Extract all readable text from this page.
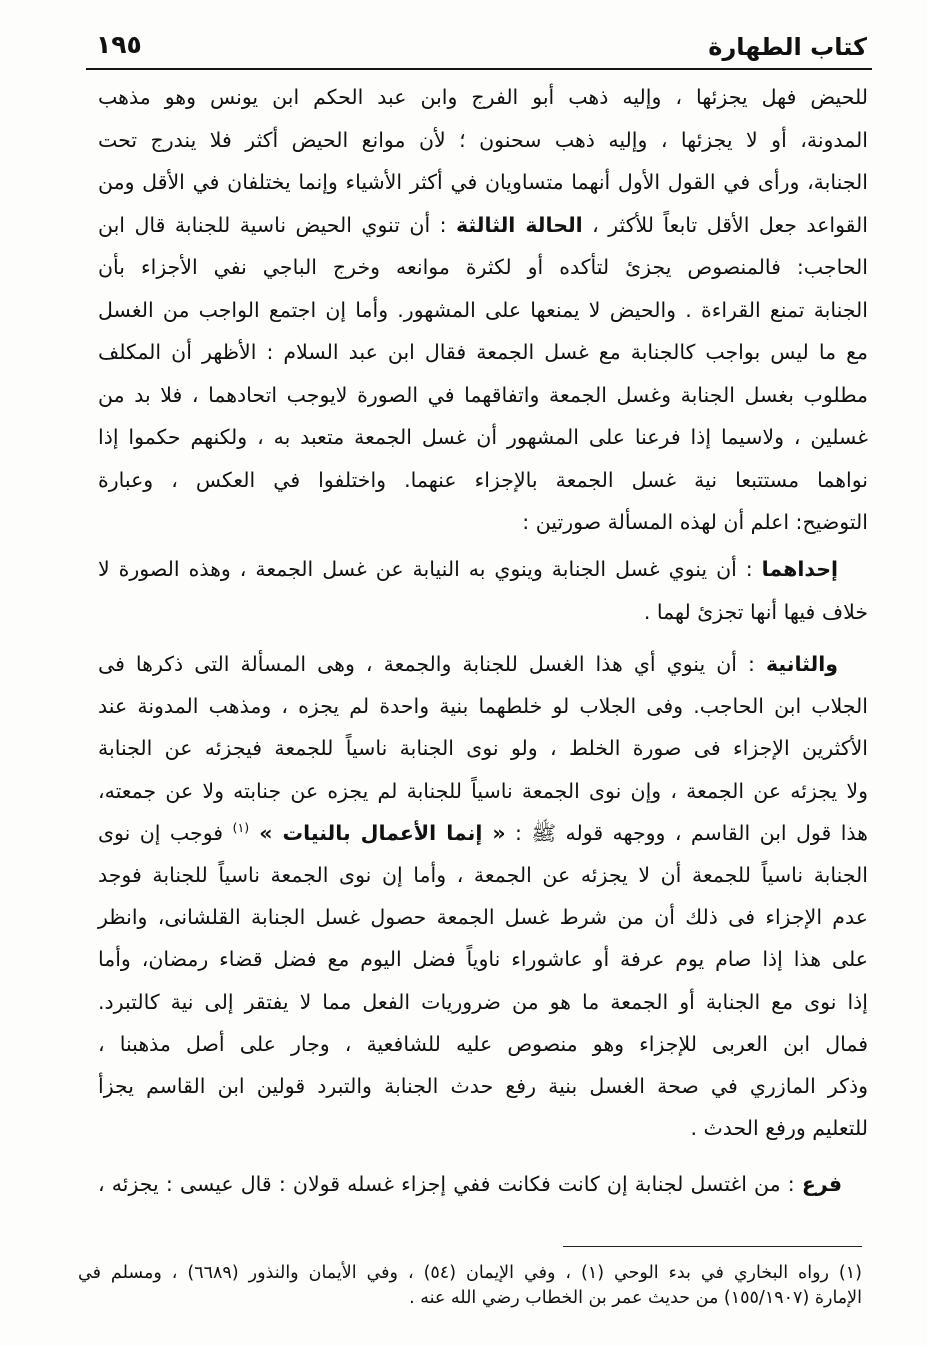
كتاب الطهارة
١٩٥
للحيض فهل يجزئها ، وإليه ذهب أبو الفرج وابن عبد الحكم ابن يونس وهو مذهب
المدونة، أو لا يجزئها ، وإليه ذهب سحنون ؛ لأن موانع الحيض أكثر فلا يندرج تحت
الجنابة، ورأى في القول الأول أنهما متساويان في أكثر الأشياء وإنما يختلفان في الأقل ومن
القواعد جعل الأقل تابعاً للأكثر ، الحالة الثالثة : أن تنوي الحيض ناسية للجنابة قال ابن
الحاجب: فالمنصوص يجزئ لتأكده أو لكثرة موانعه وخرج الباجي نفي الأجزاء بأن
الجنابة تمنع القراءة . والحيض لا يمنعها على المشهور. وأما إن اجتمع الواجب من الغسل
مع ما ليس بواجب كالجنابة مع غسل الجمعة فقال ابن عبد السلام : الأظهر أن المكلف
مطلوب بغسل الجنابة وغسل الجمعة واتفاقهما في الصورة لايوجب اتحادهما ، فلا بد من
غسلين ، ولاسيما إذا فرعنا على المشهور أن غسل الجمعة متعبد به ، ولكنهم حكموا إذا
نواهما مستتبعا نية غسل الجمعة بالإجزاء عنهما. واختلفوا في العكس ، وعبارة
التوضيح: اعلم أن لهذه المسألة صورتين :
إحداهما : أن ينوي غسل الجنابة وينوي به النيابة عن غسل الجمعة ، وهذه الصورة لا
خلاف فيها أنها تجزئ لهما .
والثانية : أن ينوي أي هذا الغسل للجنابة والجمعة ، وهى المسألة التى ذكرها فى
الجلاب ابن الحاجب. وفى الجلاب لو خلطهما بنية واحدة لم يجزه ، ومذهب المدونة عند
الأكثرين الإجزاء فى صورة الخلط ، ولو نوى الجنابة ناسياً للجمعة فيجزئه عن الجنابة
ولا يجزئه عن الجمعة ، وإن نوى الجمعة ناسياً للجنابة لم يجزه عن جنابته ولا عن جمعته،
هذا قول ابن القاسم ، ووجهه قوله ﷺ : « إنما الأعمال بالنيات » $^{(١)}$ فوجب إن نوى
الجنابة ناسياً للجمعة أن لا يجزئه عن الجمعة ، وأما إن نوى الجمعة ناسياً للجنابة فوجد
عدم الإجزاء فى ذلك أن من شرط غسل الجمعة حصول غسل الجنابة القلشانى، وانظر
على هذا إذا صام يوم عرفة أو عاشوراء ناوياً فضل اليوم مع فضل قضاء رمضان، وأما
إذا نوى مع الجنابة أو الجمعة ما هو من ضروريات الفعل مما لا يفتقر إلى نية كالتبرد.
فمال ابن العربى للإجزاء وهو منصوص عليه للشافعية ، وجار على أصل مذهبنا ،
وذكر المازري في صحة الغسل بنية رفع حدث الجنابة والتبرد قولين ابن القاسم يجزأ
للتعليم ورفع الحدث .
فرع : من اغتسل لجنابة إن كانت فكانت ففي إجزاء غسله قولان : قال عيسى : يجزئه ،
(١) رواه البخاري في بدء الوحي (١) ، وفي الإيمان (٥٤) ، وفي الأيمان والنذور (٦٦٨٩) ، ومسلم في
الإمارة (١٥٥/١٩٠٧) من حديث عمر بن الخطاب رضي الله عنه .
